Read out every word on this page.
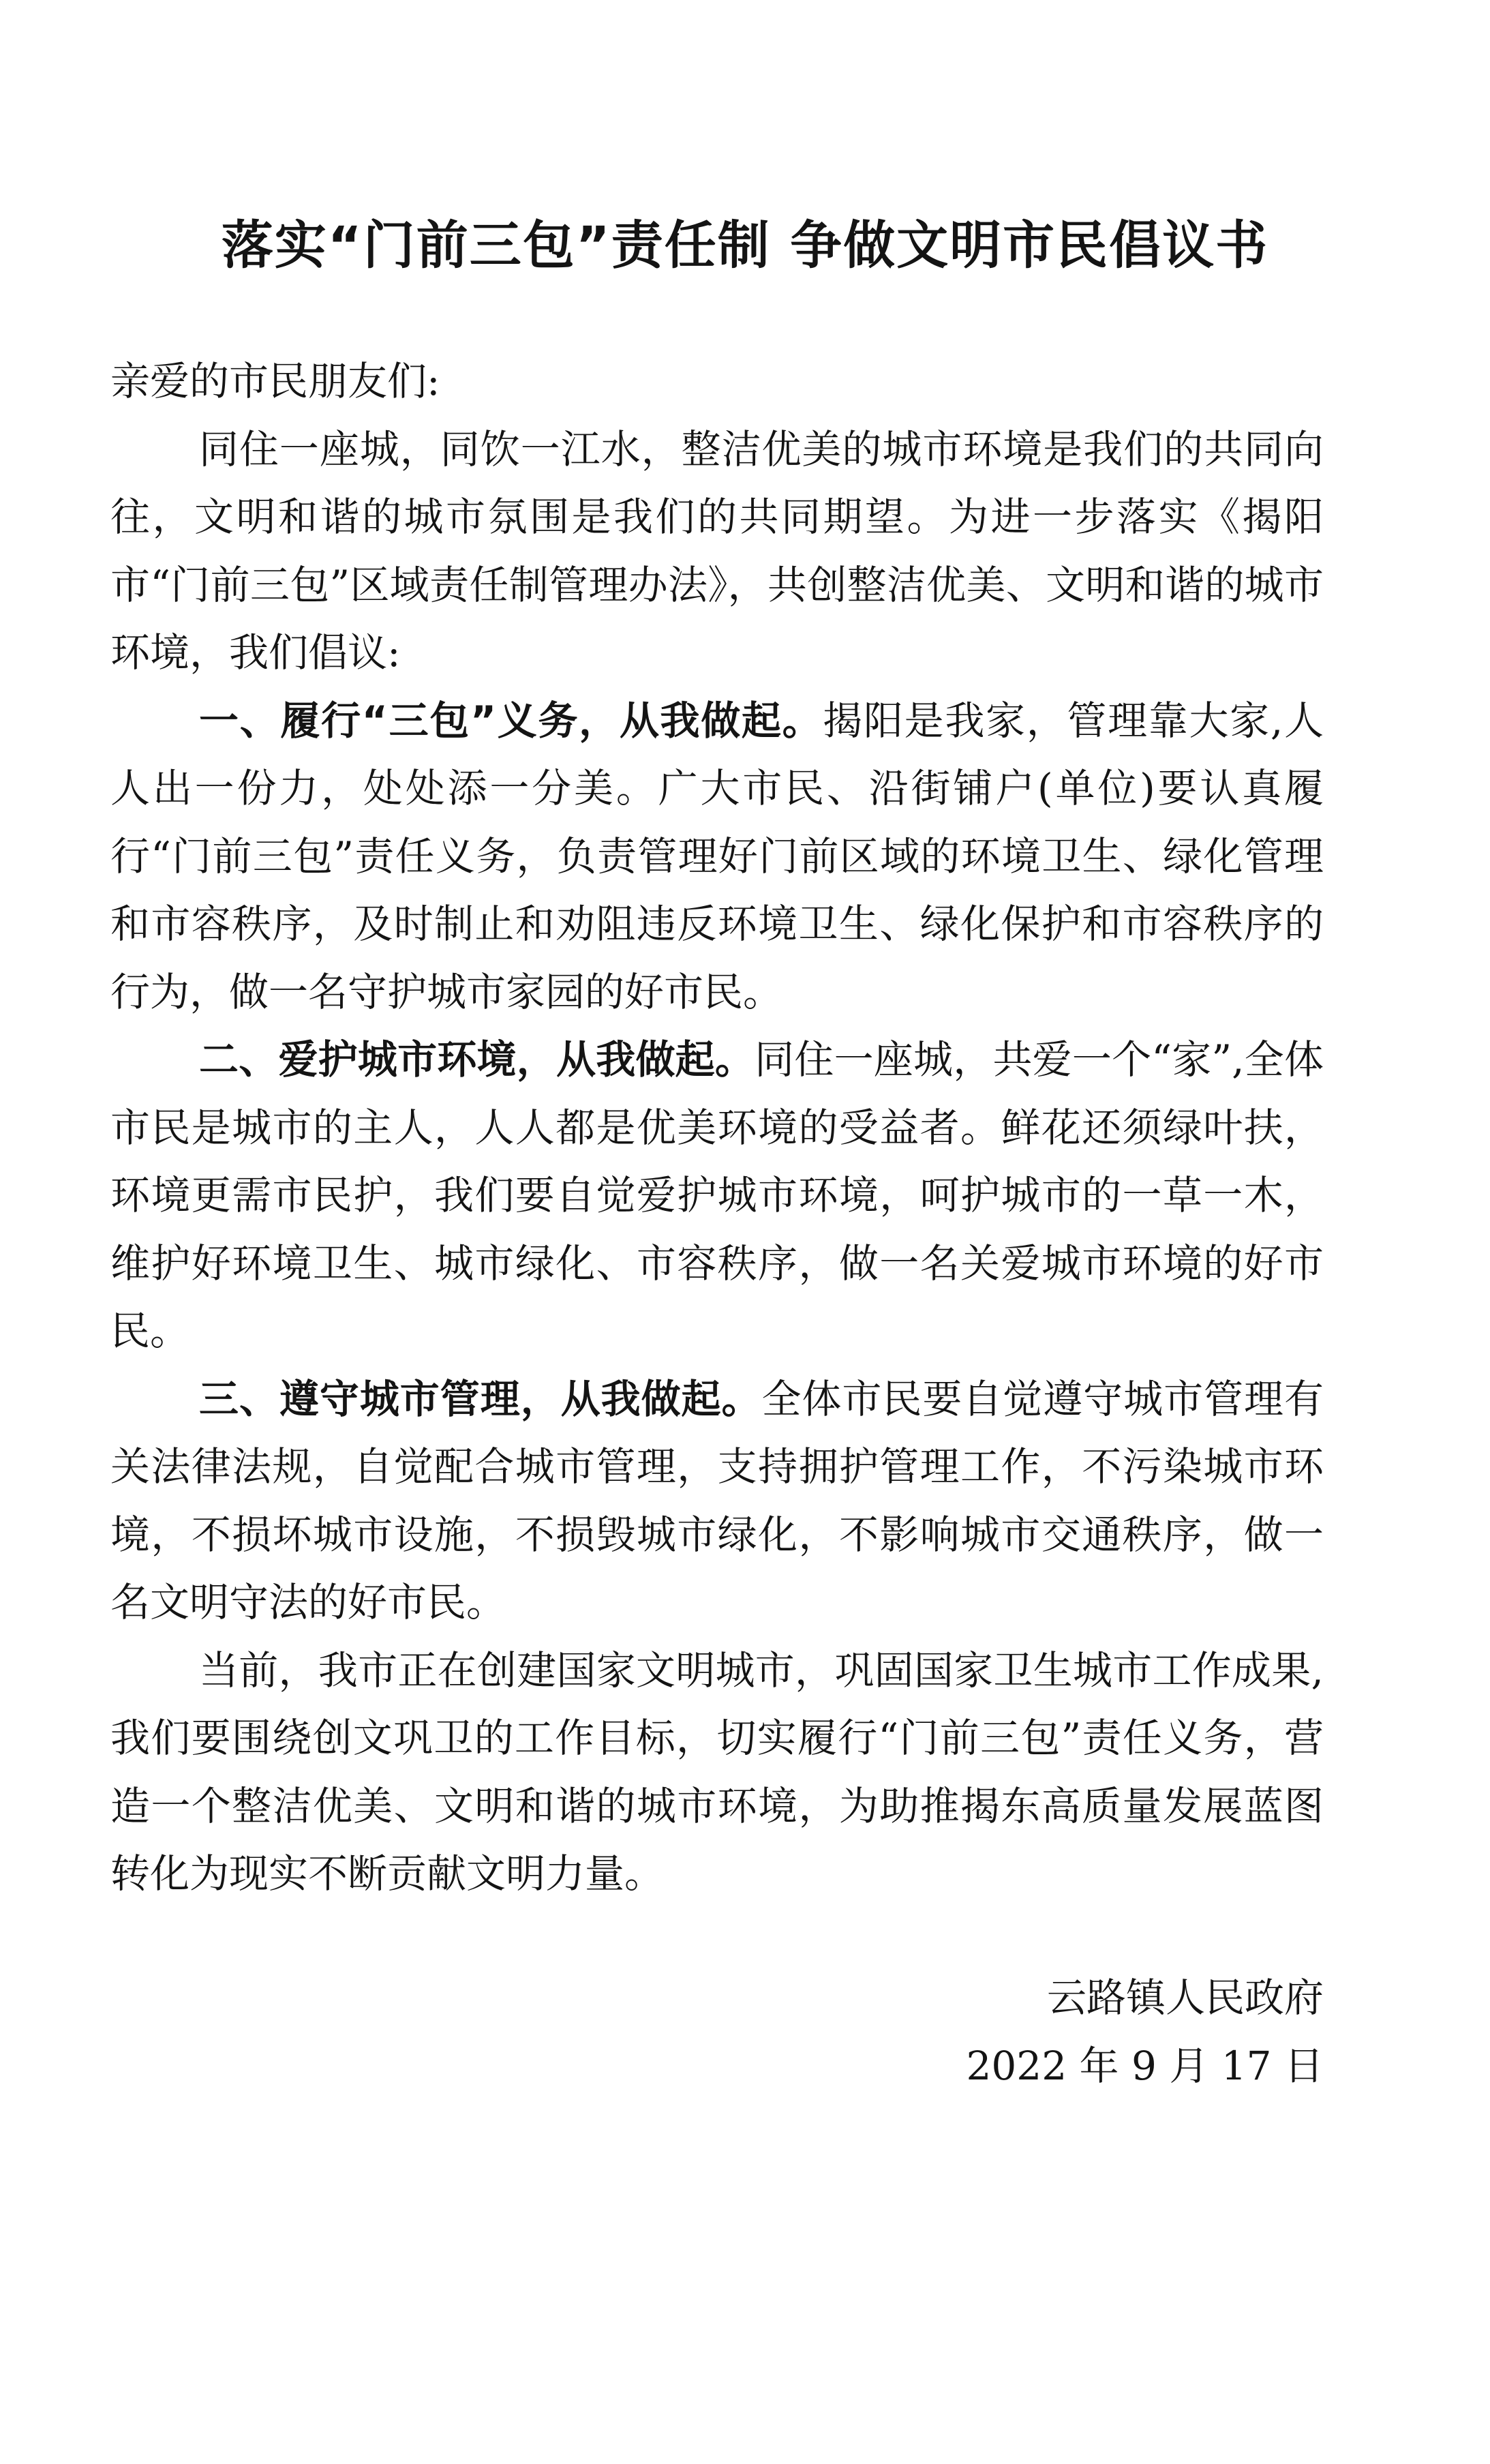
落实“门前三包”责任制 争做文明市民倡议书

亲爱的市民朋友们:

同住一座城，同饮一江水，整洁优美的城市环境是我们的共同向往，文明和谐的城市氛围是我们的共同期望。为进一步落实《揭阳市“门前三包”区域责任制管理办法》，共创整洁优美、文明和谐的城市环境，我们倡议:

一、履行“三包”义务，从我做起。揭阳是我家，管理靠大家,人人出一份力，处处添一分美。广大市民、沿街铺户(单位)要认真履行“门前三包”责任义务，负责管理好门前区域的环境卫生、绿化管理和市容秩序，及时制止和劝阻违反环境卫生、绿化保护和市容秩序的行为，做一名守护城市家园的好市民。

二、爱护城市环境，从我做起。同住一座城，共爱一个“家”,全体市民是城市的主人，人人都是优美环境的受益者。鲜花还须绿叶扶，环境更需市民护，我们要自觉爱护城市环境，呵护城市的一草一木，维护好环境卫生、城市绿化、市容秩序，做一名关爱城市环境的好市民。

三、遵守城市管理，从我做起。全体市民要自觉遵守城市管理有关法律法规，自觉配合城市管理，支持拥护管理工作，不污染城市环境，不损坏城市设施，不损毁城市绿化，不影响城市交通秩序，做一名文明守法的好市民。

当前，我市正在创建国家文明城市，巩固国家卫生城市工作成果,我们要围绕创文巩卫的工作目标，切实履行“门前三包”责任义务，营造一个整洁优美、文明和谐的城市环境，为助推揭东高质量发展蓝图转化为现实不断贡献文明力量。

云路镇人民政府
2022 年 9 月 17 日
